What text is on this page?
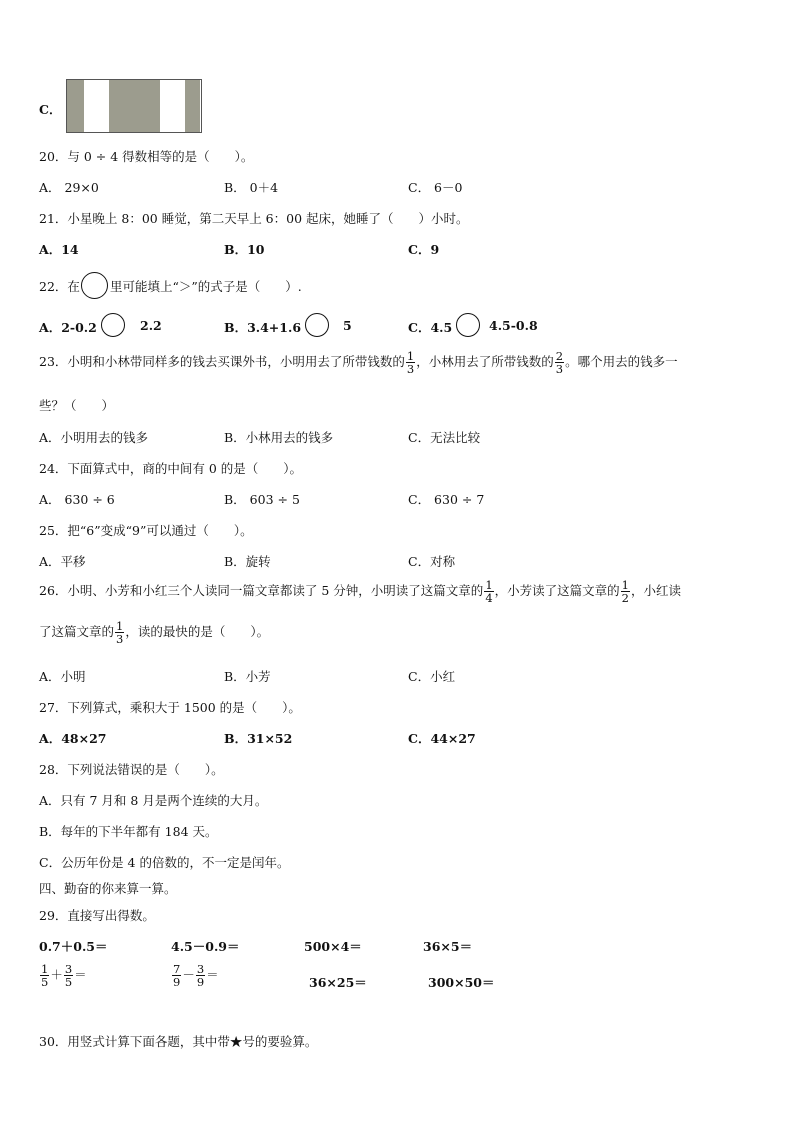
C．
20．与 0 ÷ 4 得数相等的是（　　）。
A． 29×0	B． 0＋4	C． 6－0
21．小星晚上 8：00 睡觉，第二天早上 6：00 起床，她睡了（　　）小时。
A．14	B．10	C．9
22．在 里可能填上“＞”的式子是（　　）.
A．2-0.2	2.2	B．3.4+1.6	5	C．4.5	4.5-0.8
23．小明和小林带同样多的钱去买课外书，小明用去了所带钱数的 $\frac{1}{3}$ ，小林用去了所带钱数的 $\frac{2}{3}$ 。哪个用去的钱多一
些？（　　）
A．小明用去的钱多	B．小林用去的钱多	C．无法比较
24．下面算式中，商的中间有 0 的是（　　）。
A． 630 ÷ 6	B． 603 ÷ 5	C． 630 ÷ 7
25．把“6”变成“9”可以通过（　　）。
A．平移	B．旋转	C．对称
26．小明、小芳和小红三个人读同一篇文章都读了 5 分钟，小明读了这篇文章的 $\frac{1}{4}$ ，小芳读了这篇文章的 $\frac{1}{2}$ ，小红读
了这篇文章的 $\frac{1}{3}$ ，读的最快的是（　　）。
A．小明	B．小芳	C．小红
27．下列算式，乘积大于 1500 的是（　　）。
A．48×27	B．31×52	C．44×27
28．下列说法错误的是（　　）。
A．只有 7 月和 8 月是两个连续的大月。
B．每年的下半年都有 184 天。
C．公历年份是 4 的倍数的，不一定是闰年。
四、勤奋的你来算一算。
29．直接写出得数。
0.7＋0.5＝	4.5－0.9＝	500×4＝	36×5＝
$\frac{1}{5} + \frac{3}{5}$ ＝	$\frac{7}{9} - \frac{3}{9}$ ＝
36×25＝	300×50＝
30．用竖式计算下面各题，其中带★号的要验算。
